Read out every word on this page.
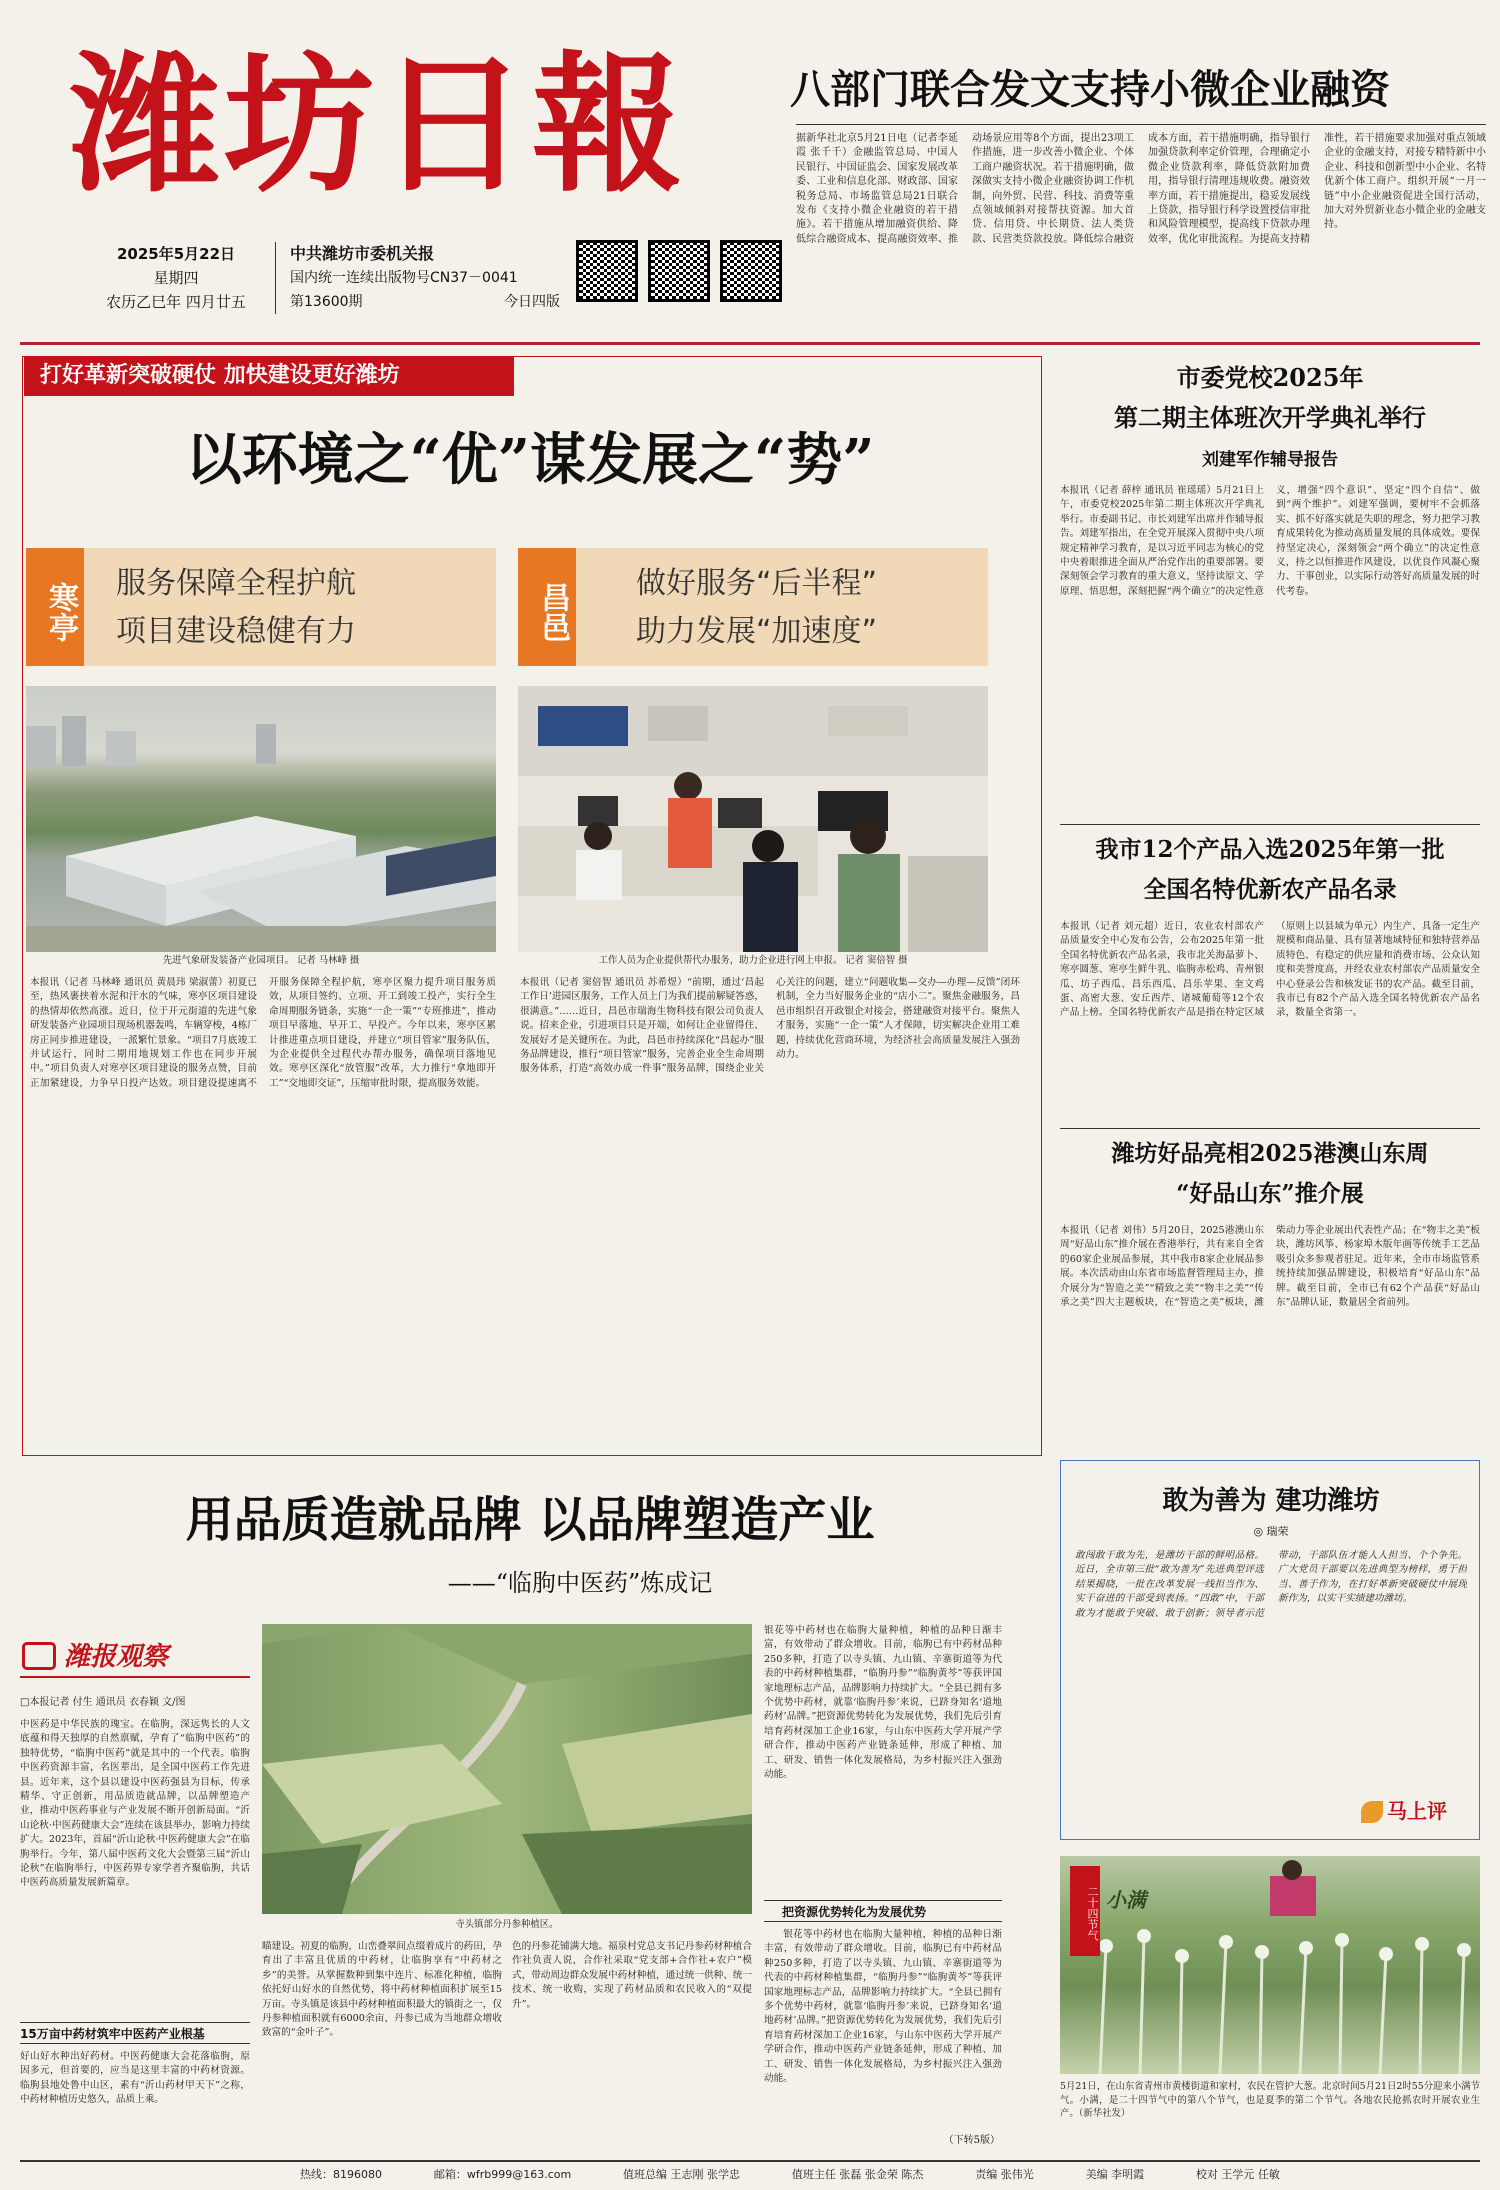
潍坊日報
2025年5月22日
星期四
农历乙巳年 四月廿五
中共潍坊市委机关报
国内统一连续出版物号CN37－0041
第13600期	今日四版
八部门联合发文支持小微企业融资
据新华社北京5月21日电（记者李延霞 张千千）金融监管总局、中国人民银行、中国证监会、国家发展改革委、工业和信息化部、财政部、国家税务总局、市场监管总局21日联合发布《支持小微企业融资的若干措施》。若干措施从增加融资供给、降低综合融资成本、提高融资效率、推动场景应用等8个方面，提出23项工作措施，进一步改善小微企业、个体工商户融资状况。若干措施明确，做深做实支持小微企业融资协调工作机制，向外贸、民营、科技、消费等重点领域倾斜对接帮扶资源。加大首贷、信用贷、中长期贷、法人类贷款、民营类贷款投放。降低综合融资成本方面，若干措施明确，指导银行加强贷款利率定价管理，合理确定小微企业贷款利率，降低贷款附加费用，指导银行清理违规收费。融资效率方面，若干措施提出，稳妥发展线上贷款，指导银行科学设置授信审批和风险管理模型，提高线下贷款办理效率，优化审批流程。为提高支持精准性，若干措施要求加强对重点领域企业的金融支持，对接专精特新中小企业、科技和创新型中小企业、名特优新个体工商户。组织开展“一月一链”中小企业融资促进全国行活动，加大对外贸新业态小微企业的金融支持。
打好革新突破硬仗 加快建设更好潍坊
以环境之“优”谋发展之“势”
寒亭 服务保障全程护航
项目建设稳健有力
先进气象研发装备产业园项目。 记者 马林峰 摄
本报讯（记者 马林峰 通讯员 黄晨玮 梁淑蕾）初夏已至，热风裹挟着水泥和汗水的气味，寒亭区项目建设的热情却依然高涨。近日，位于开元街道的先进气象研发装备产业园项目现场机器轰鸣，车辆穿梭，4栋厂房正同步推进建设，一派繁忙景象。“项目7月底竣工并试运行，同时二期用地规划工作也在同步开展中。”项目负责人对寒亭区项目建设的服务点赞，目前正加紧建设，力争早日投产达效。项目建设提速离不开服务保障全程护航，寒亭区聚力提升项目服务质效，从项目签约、立项、开工到竣工投产，实行全生命周期服务链条，实施“一企一策”“专班推进”，推动项目早落地、早开工、早投产。今年以来，寒亭区累计推进重点项目建设，并建立“项目管家”服务队伍，为企业提供全过程代办帮办服务，确保项目落地见效。寒亭区深化“放管服”改革，大力推行“拿地即开工”“交地即交证”，压缩审批时限，提高服务效能。
昌邑 做好服务“后半程”
助力发展“加速度”
工作人员为企业提供帮代办服务，助力企业进行网上申报。 记者 窦倍智 摄
本报讯（记者 窦倍智 通讯员 苏希煜）“前期，通过‘昌起工作日’进园区服务，工作人员上门为我们提前解疑答惑，很满意。”……近日，昌邑市瑞海生物科技有限公司负责人说。招来企业，引进项目只是开端，如何让企业留得住、发展好才是关键所在。为此，昌邑市持续深化“昌起办”服务品牌建设，推行“项目管家”服务，完善企业全生命周期服务体系，打造“高效办成一件事”服务品牌，围绕企业关心关注的问题，建立“问题收集—交办—办理—反馈”闭环机制，全力当好服务企业的“店小二”。聚焦金融服务，昌邑市组织召开政银企对接会，搭建融资对接平台。聚焦人才服务，实施“一企一策”人才保障，切实解决企业用工难题，持续优化营商环境，为经济社会高质量发展注入强劲动力。
市委党校2025年
第二期主体班次开学典礼举行
刘建军作辅导报告
本报讯（记者 薛梓 通讯员 崔瑶瑶）5月21日上午，市委党校2025年第二期主体班次开学典礼举行。市委副书记、市长刘建军出席并作辅导报告。刘建军指出，在全党开展深入贯彻中央八项规定精神学习教育，是以习近平同志为核心的党中央着眼推进全面从严治党作出的重要部署。要深刻领会学习教育的重大意义，坚持读原文、学原理、悟思想，深刻把握“两个确立”的决定性意义，增强“四个意识”、坚定“四个自信”、做到“两个维护”。刘建军强调，要树牢不会抓落实、抓不好落实就是失职的理念，努力把学习教育成果转化为推动高质量发展的具体成效。要保持坚定决心，深刻领会“两个确立”的决定性意义，持之以恒推进作风建设，以优良作风凝心聚力、干事创业，以实际行动答好高质量发展的时代考卷。
我市12个产品入选2025年第一批
全国名特优新农产品名录
本报讯（记者 刘元超）近日，农业农村部农产品质量安全中心发布公告，公布2025年第一批全国名特优新农产品名录，我市北关海晶萝卜、寒亭圆葱、寒亭生鲜牛乳、临朐赤松鸡、青州银瓜、坊子西瓜、昌乐西瓜、昌乐苹果、奎文鸡蛋、高密大葱、安丘西芹、诸城葡萄等12个农产品上榜。全国名特优新农产品是指在特定区域（原则上以县域为单元）内生产、具备一定生产规模和商品量、具有显著地域特征和独特营养品质特色、有稳定的供应量和消费市场、公众认知度和美誉度高，并经农业农村部农产品质量安全中心登录公告和核发证书的农产品。截至目前，我市已有82个产品入选全国名特优新农产品名录，数量全省第一。
潍坊好品亮相2025港澳山东周
“好品山东”推介展
本报讯（记者 刘伟）5月20日，2025港澳山东周“好品山东”推介展在香港举行，共有来自全省的60家企业展品参展，其中我市8家企业展品参展。本次活动由山东省市场监督管理局主办，推介展分为“智造之美”“精致之美”“物丰之美”“传承之美”四大主题板块，在“智造之美”板块，潍柴动力等企业展出代表性产品；在“物丰之美”板块，潍坊风筝、杨家埠木版年画等传统手工艺品吸引众多参观者驻足。近年来，全市市场监管系统持续加强品牌建设，积极培育“好品山东”品牌。截至目前，全市已有62个产品获“好品山东”品牌认证，数量居全省前列。
用品质造就品牌 以品牌塑造产业
——“临朐中医药”炼成记
潍报观察
□本报记者 付生 通讯员 衣春颖 文/图
中医药是中华民族的瑰宝。在临朐，深远隽长的人文底蕴和得天独厚的自然禀赋，孕育了“临朐中医药”的独特优势，“临朐中医药”就是其中的一个代表。临朐中医药资源丰富，名医辈出，是全国中医药工作先进县。近年来，这个县以建设中医药强县为目标，传承精华、守正创新，用品质造就品牌，以品牌塑造产业，推动中医药事业与产业发展不断开创新局面。“沂山论秋·中医药健康大会”连续在该县举办，影响力持续扩大。2023年，首届“沂山论秋·中医药健康大会”在临朐举行。今年，第八届中医药文化大会暨第三届“沂山论秋”在临朐举行，中医药界专家学者齐聚临朐，共话中医药高质量发展新篇章。
15万亩中药材筑牢中医药产业根基
好山好水种出好药材。中医药健康大会花落临朐，原因多元，但首要的，应当是这里丰富的中药材资源。临朐县地处鲁中山区，素有“沂山药材甲天下”之称，中药材种植历史悠久，品质上乘。
寺头镇部分丹参种植区。
瞄建设。初夏的临朐，山峦叠翠间点缀着成片的药田，孕育出了丰富且优质的中药材，让临朐享有“中药材之乡”的美誉。从掌握数种到集中连片、标准化种植，临朐依托好山好水的自然优势，将中药材种植面积扩展至15万亩。寺头镇是该县中药材种植面积最大的镇街之一，仅丹参种植面积就有6000余亩，丹参已成为当地群众增收致富的“金叶子”。
色的丹参花铺满大地。福泉村党总支书记丹参药材种植合作社负责人说，合作社采取“党支部+合作社+农户”模式，带动周边群众发展中药材种植，通过统一供种、统一技术、统一收购，实现了药材品质和农民收入的“双提升”。
银花等中药材也在临朐大量种植，种植的品种日渐丰富，有效带动了群众增收。目前，临朐已有中药材品种250多种，打造了以寺头镇、九山镇、辛寨街道等为代表的中药材种植集群，“临朐丹参”“临朐黄芩”等获评国家地理标志产品，品牌影响力持续扩大。“全县已拥有多个优势中药材，就靠‘临朐丹参’来说，已跻身知名‘道地药材’品牌。”把资源优势转化为发展优势，我们先后引育培育药材深加工企业16家，与山东中医药大学开展产学研合作，推动中医药产业链条延伸，形成了种植、加工、研发、销售一体化发展格局，为乡村振兴注入强劲动能。
把资源优势转化为发展优势

银花等中药材也在临朐大量种植，种植的品种日渐丰富，有效带动了群众增收。目前，临朐已有中药材品种250多种，打造了以寺头镇、九山镇、辛寨街道等为代表的中药材种植集群，“临朐丹参”“临朐黄芩”等获评国家地理标志产品，品牌影响力持续扩大。“全县已拥有多个优势中药材，就靠‘临朐丹参’来说，已跻身知名‘道地药材’品牌。”把资源优势转化为发展优势，我们先后引育培育药材深加工企业16家，与山东中医药大学开展产学研合作，推动中医药产业链条延伸，形成了种植、加工、研发、销售一体化发展格局，为乡村振兴注入强劲动能。

（下转5版）
敢为善为 建功潍坊
◎ 瑞荣
敢闯敢干敢为先，是潍坊干部的鲜明品格。近日，全市第三批“敢为善为”先进典型评选结果揭晓，一批在改革发展一线担当作为、实干奋进的干部受到表扬。“四敢”中，干部敢为才能敢于突破、敢于创新；领导者示范带动，干部队伍才能人人担当、个个争先。广大党员干部要以先进典型为榜样，勇于担当、善于作为，在打好革新突破硬仗中展现新作为，以实干实绩建功潍坊。
马上评
二十四节气 小满
5月21日，在山东省青州市黄楼街道和家村，农民在管护大葱。北京时间5月21日2时55分迎来小满节气。小满，是二十四节气中的第八个节气，也是夏季的第二个节气。各地农民抢抓农时开展农业生产。（新华社发）
热线：8196080	邮箱：wfrb999@163.com	值班总编 王志刚 张学忠	值班主任 张磊 张金荣 陈杰	责编 张伟光	美编 李明霞	校对 王学元 任敏
